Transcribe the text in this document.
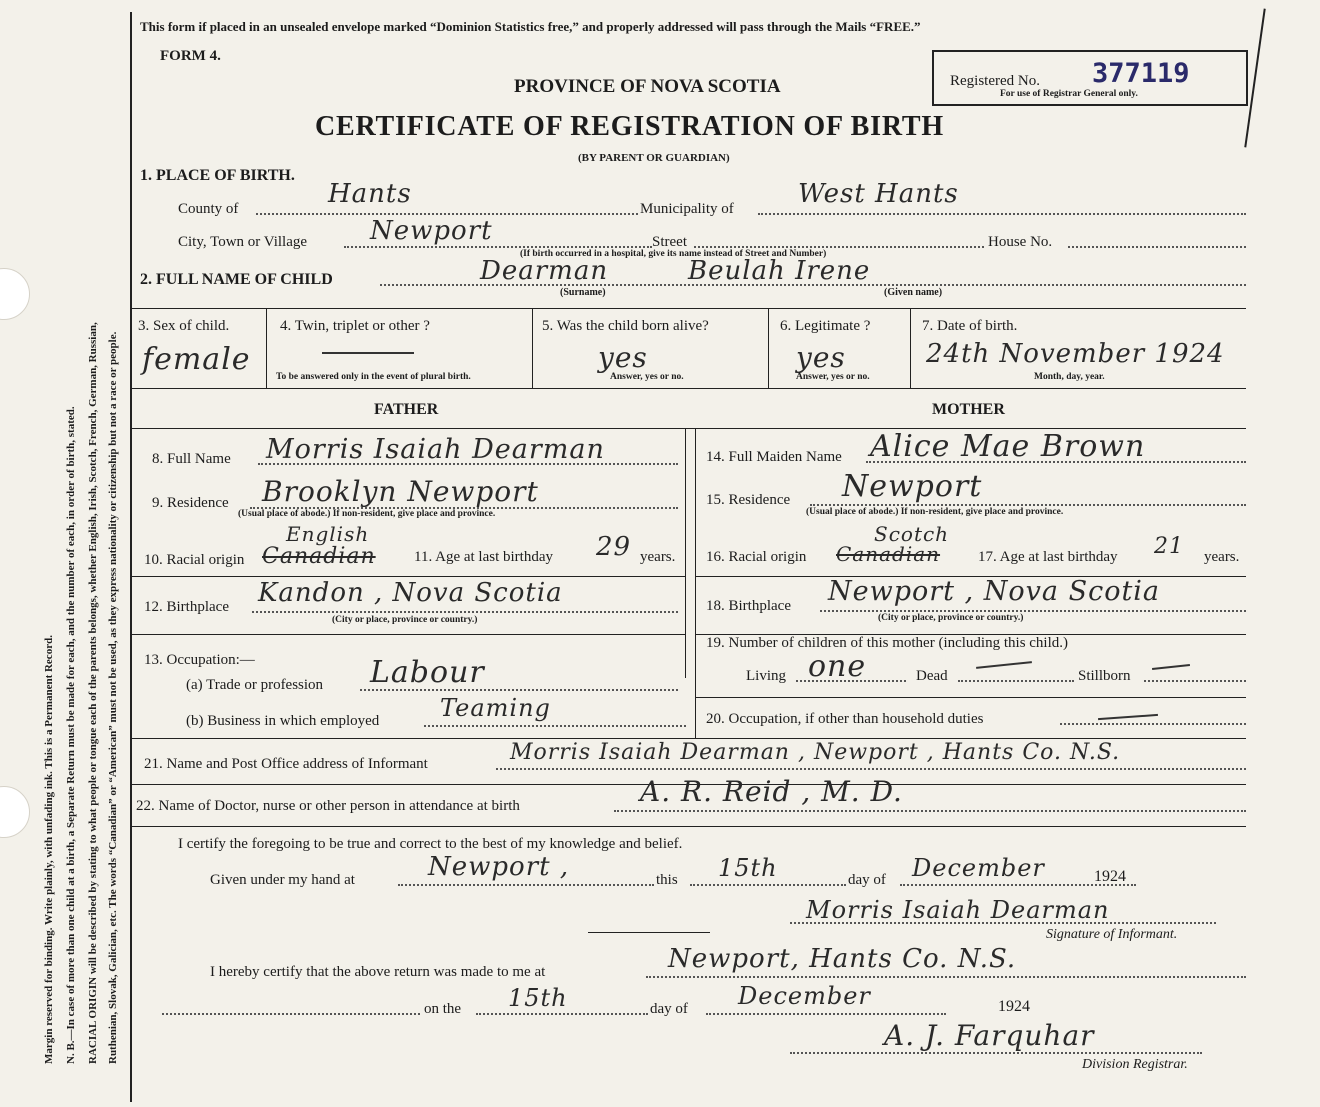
Margin reserved for binding. Write plainly, with unfading ink. This is a Permanent Record. N. B.—In case of more than one child at a birth, a Separate Return must be made for each, and the number of each, in order of birth, stated. RACIAL ORIGIN will be described by stating to what people or tongue each of the parents belongs, whether English, Irish, Scotch, French, German, Russian, Ruthenian, Slovak, Galician, etc. The words “Canadian” or “American” must not be used, as they express nationality or citizenship but not a race or people.
This form if placed in an unsealed envelope marked “Dominion Statistics free,” and properly addressed will pass through the Mails “FREE.”
FORM 4.
PROVINCE OF NOVA SCOTIA
CERTIFICATE OF REGISTRATION OF BIRTH
(BY PARENT OR GUARDIAN)
Registered No. 377119
For use of Registrar General only.
1. PLACE OF BIRTH.
County of	Hants	Municipality of West Hants
City, Town or Village Newport	Street
(If birth occurred in a hospital, give its name instead of Street and Number)
House No.
2. FULL NAME OF CHILD	Dearman	Beulah Irene
(Surname)	(Given name)
3. Sex of child.
female
4. Twin, triplet or other ?
To be answered only in the event of plural birth.
5. Was the child born alive?
yes
Answer, yes or no.
6. Legitimate ?
yes
Answer, yes or no.
7. Date of birth.
24th November 1924
Month, day, year.
FATHER	MOTHER
8. Full Name Morris Isaiah Dearman
9. Residence Brooklyn Newport
(Usual place of abode.) If non-resident, give place and province.
10. Racial origin Canadian
English
11. Age at last birthday 29 years.
12. Birthplace Kandon , Nova Scotia
(City or place, province or country.)
13. Occupation:—
(a) Trade or profession Labour
(b) Business in which employed	Teaming
14. Full Maiden Name Alice Mae Brown
15. Residence Newport
(Usual place of abode.) If non-resident, give place and province.
16. Racial origin Canadian
Scotch
17. Age at last birthday 21 years.
18. Birthplace Newport , Nova Scotia
(City or place, province or country.)
19. Number of children of this mother (including this child.)
Living one	Dead	Stillborn
20. Occupation, if other than household duties
21. Name and Post Office address of Informant	Morris Isaiah Dearman , Newport , Hants Co. N.S.
22. Name of Doctor, nurse or other person in attendance at birth	A. R. Reid , M. D.
I certify the foregoing to be true and correct to the best of my knowledge and belief.
Given under my hand at	Newport ,	this 15th	day of December	1924
Morris Isaiah Dearman
Signature of Informant.
I hereby certify that the above return was made to me at	Newport, Hants Co. N.S.
on the 15th	day of December	1924
A. J. Farquhar
Division Registrar.
